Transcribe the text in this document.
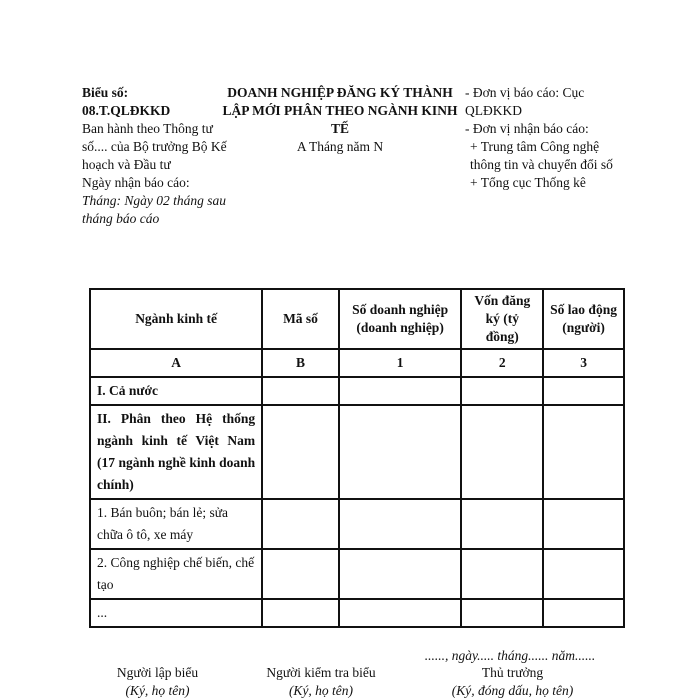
Biểu số:
08.T.QLĐKKD
Ban hành theo Thông tư số.... của Bộ trưởng Bộ Kế hoạch và Đầu tư
Ngày nhận báo cáo:
Tháng: Ngày 02 tháng sau tháng báo cáo
DOANH NGHIỆP ĐĂNG KÝ THÀNH LẬP MỚI PHÂN THEO NGÀNH KINH TẾ
A Tháng năm N
- Đơn vị báo cáo: Cục QLĐKKD
- Đơn vị nhận báo cáo:
+ Trung tâm Công nghệ thông tin và chuyển đổi số
+ Tổng cục Thống kê
Ngành kinh tế	Mã số	Số doanh nghiệp (doanh nghiệp)	Vốn đăng ký (tỷ đồng)	Số lao động (người)
A	B	1	2	3
I. Cả nước				
II. Phân theo Hệ thống ngành kinh tế Việt Nam (17 ngành nghề kinh doanh chính)				
1. Bán buôn; bán lẻ; sửa chữa ô tô, xe máy				
2. Công nghiệp chế biến, chế tạo				
...				
......, ngày..... tháng...... năm......
Người lập biểu
(Ký, họ tên)
Người kiểm tra biểu
(Ký, họ tên)
Thủ trưởng
(Ký, đóng dấu, họ tên)
